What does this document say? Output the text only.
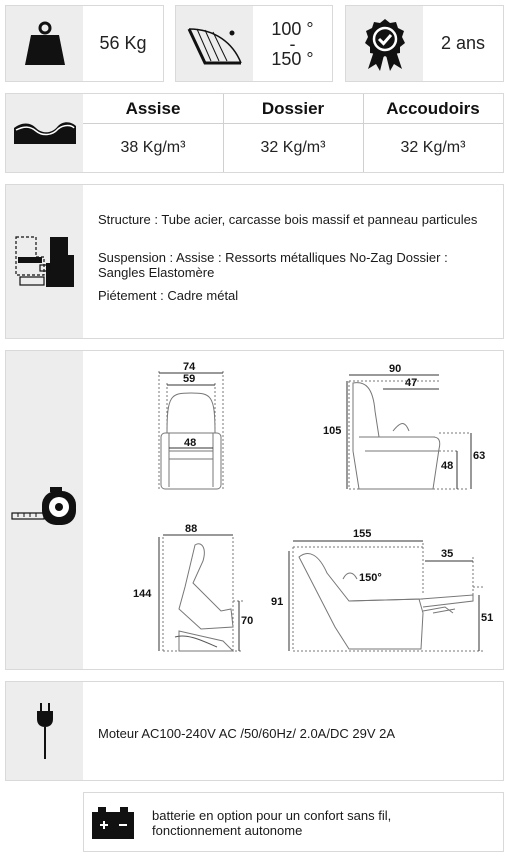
56 Kg
100 °
-
150 °
2 ans
Assise	Dossier	Accoudoirs
38 Kg/m³	32 Kg/m³	32 Kg/m³
Structure : Tube acier, carcasse bois massif et panneau particules
Suspension : Assise : Ressorts métalliques No-Zag Dossier : Sangles Elastomère
Piétement : Cadre métal
74
59
48
90
47
105
48
63
88
144
70
155
35
91
150°
51
Moteur AC100-240V AC /50/60Hz/ 2.0A/DC 29V 2A
batterie en option pour un confort sans fil, fonctionnement autonome
